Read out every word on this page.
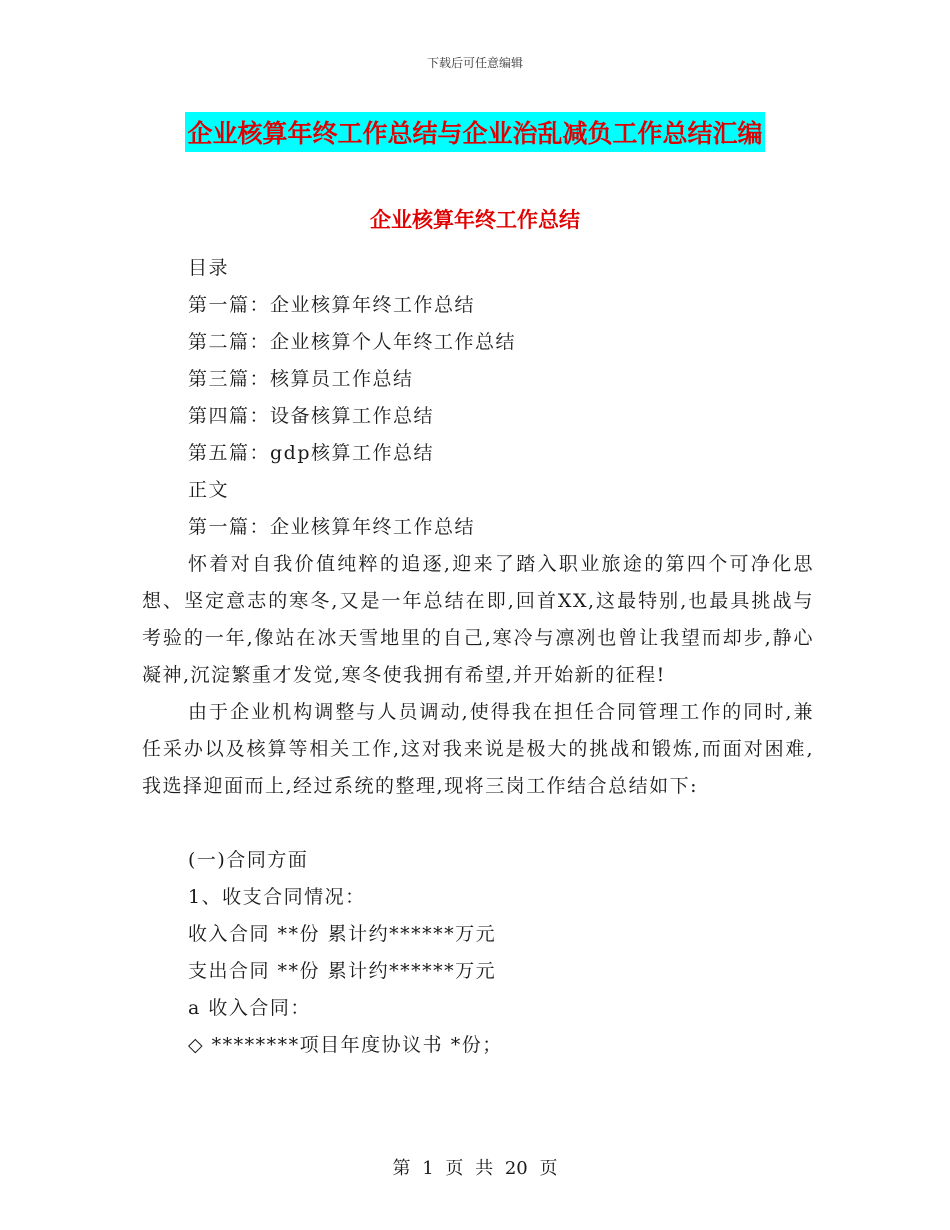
下载后可任意编辑
企业核算年终工作总结与企业治乱减负工作总结汇编
企业核算年终工作总结
目录
第一篇：企业核算年终工作总结
第二篇：企业核算个人年终工作总结
第三篇：核算员工作总结
第四篇：设备核算工作总结
第五篇：gdp核算工作总结
正文
第一篇：企业核算年终工作总结
怀着对自我价值纯粹的追逐,迎来了踏入职业旅途的第四个可净化思想、坚定意志的寒冬,又是一年总结在即,回首XX,这最特别,也最具挑战与考验的一年,像站在冰天雪地里的自己,寒冷与凛冽也曾让我望而却步,静心凝神,沉淀繁重才发觉,寒冬使我拥有希望,并开始新的征程!
由于企业机构调整与人员调动,使得我在担任合同管理工作的同时,兼任采办以及核算等相关工作,这对我来说是极大的挑战和锻炼,而面对困难,我选择迎面而上,经过系统的整理,现将三岗工作结合总结如下:
(一)合同方面
1、收支合同情况：
收入合同 **份 累计约******万元
支出合同 **份 累计约******万元
a 收入合同：
◇ ********项目年度协议书 *份；
第 1 页 共 20 页
